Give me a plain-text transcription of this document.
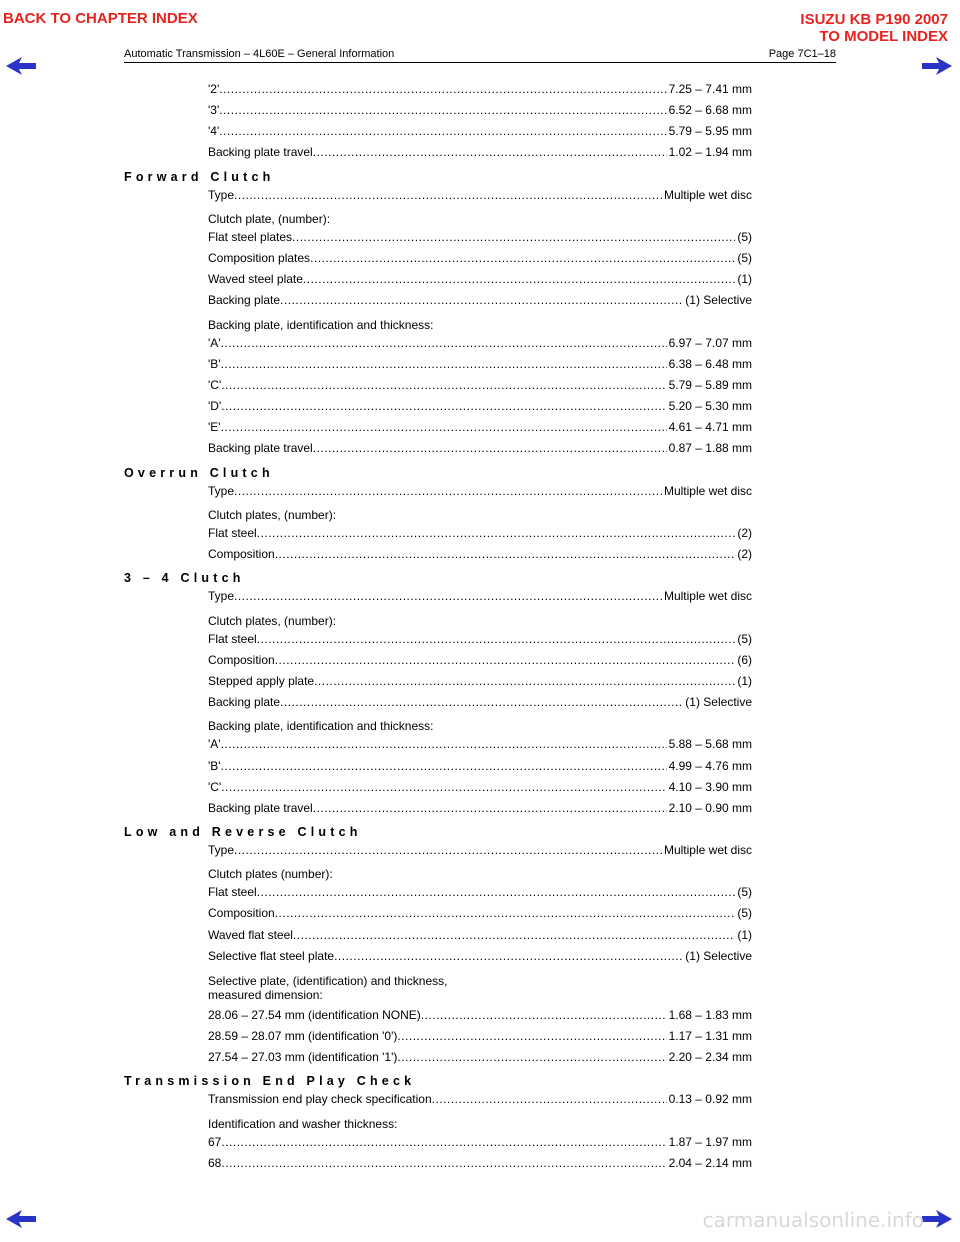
BACK TO CHAPTER INDEX	ISUZU KB P190 2007
TO MODEL INDEX
Automatic Transmission – 4L60E – General Information	Page 7C1–18
'2' .....	7.25 – 7.41 mm
'3' .....	6.52 – 6.68 mm
'4' .....	5.79 – 5.95 mm
Backing plate travel .....	1.02 – 1.94 mm
Forward Clutch
Type .....	Multiple wet disc
Clutch plate, (number):
Flat steel plates .....	(5)
Composition plates .....	(5)
Waved steel plate .....	(1)
Backing plate .....	(1) Selective
Backing plate, identification and thickness:
'A' .....	6.97 – 7.07 mm
'B' .....	6.38 – 6.48 mm
'C' .....	5.79 – 5.89 mm
'D' .....	5.20 – 5.30 mm
'E' .....	4.61 – 4.71 mm
Backing plate travel .....	0.87 – 1.88 mm
Overrun Clutch
Type .....	Multiple wet disc
Clutch plates, (number):
Flat steel .....	(2)
Composition .....	(2)
3 – 4 Clutch
Type .....	Multiple wet disc
Clutch plates, (number):
Flat steel .....	(5)
Composition .....	(6)
Stepped apply plate .....	(1)
Backing plate .....	(1) Selective
Backing plate, identification and thickness:
'A' .....	5.88 – 5.68 mm
'B' .....	4.99 – 4.76 mm
'C' .....	4.10 – 3.90 mm
Backing plate travel .....	2.10 – 0.90 mm
Low and Reverse Clutch
Type .....	Multiple wet disc
Clutch plates (number):
Flat steel .....	(5)
Composition .....	(5)
Waved flat steel .....	(1)
Selective flat steel plate .....	(1) Selective
Selective plate, (identification) and thickness,
measured dimension:
28.06 – 27.54 mm (identification NONE) .....	1.68 – 1.83 mm
28.59 – 28.07 mm (identification '0') .....	1.17 – 1.31 mm
27.54 – 27.03 mm (identification '1') .....	2.20 – 2.34 mm
Transmission End Play Check
Transmission end play check specification .....	0.13 – 0.92 mm
Identification and washer thickness:
67 .....	1.87 – 1.97 mm
68 .....	2.04 – 2.14 mm
carmanualsonline.info
